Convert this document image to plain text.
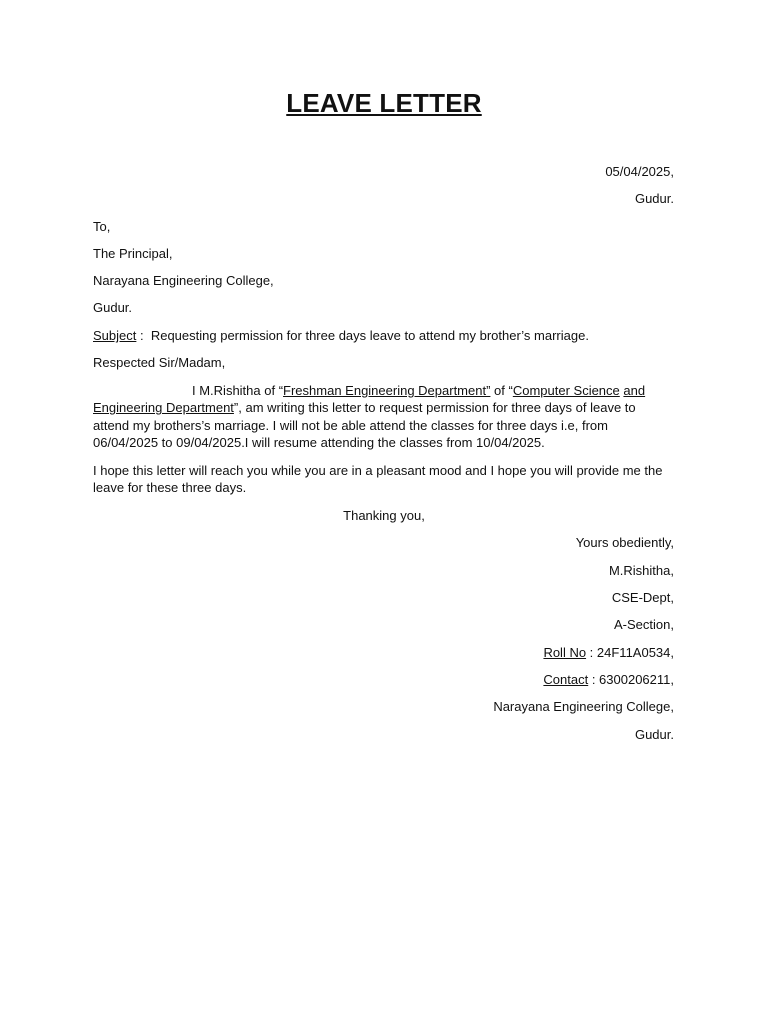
LEAVE LETTER
05/04/2025,
Gudur.
To,
The Principal,
Narayana Engineering College,
Gudur.
Subject :  Requesting permission for three days leave to attend my brother’s marriage.
Respected Sir/Madam,
I M.Rishitha of “Freshman Engineering Department” of “Computer Science and Engineering Department”, am writing this letter to request permission for three days of leave to attend my brothers’s marriage. I will not be able attend the classes for three days i.e, from 06/04/2025 to 09/04/2025.I will resume attending the classes from 10/04/2025.
I hope this letter will reach you while you are in a pleasant mood and I hope you will provide me the leave for these three days.
Thanking you,
Yours obediently,
M.Rishitha,
CSE-Dept,
A-Section,
Roll No : 24F11A0534,
Contact : 6300206211,
Narayana Engineering College,
Gudur.
